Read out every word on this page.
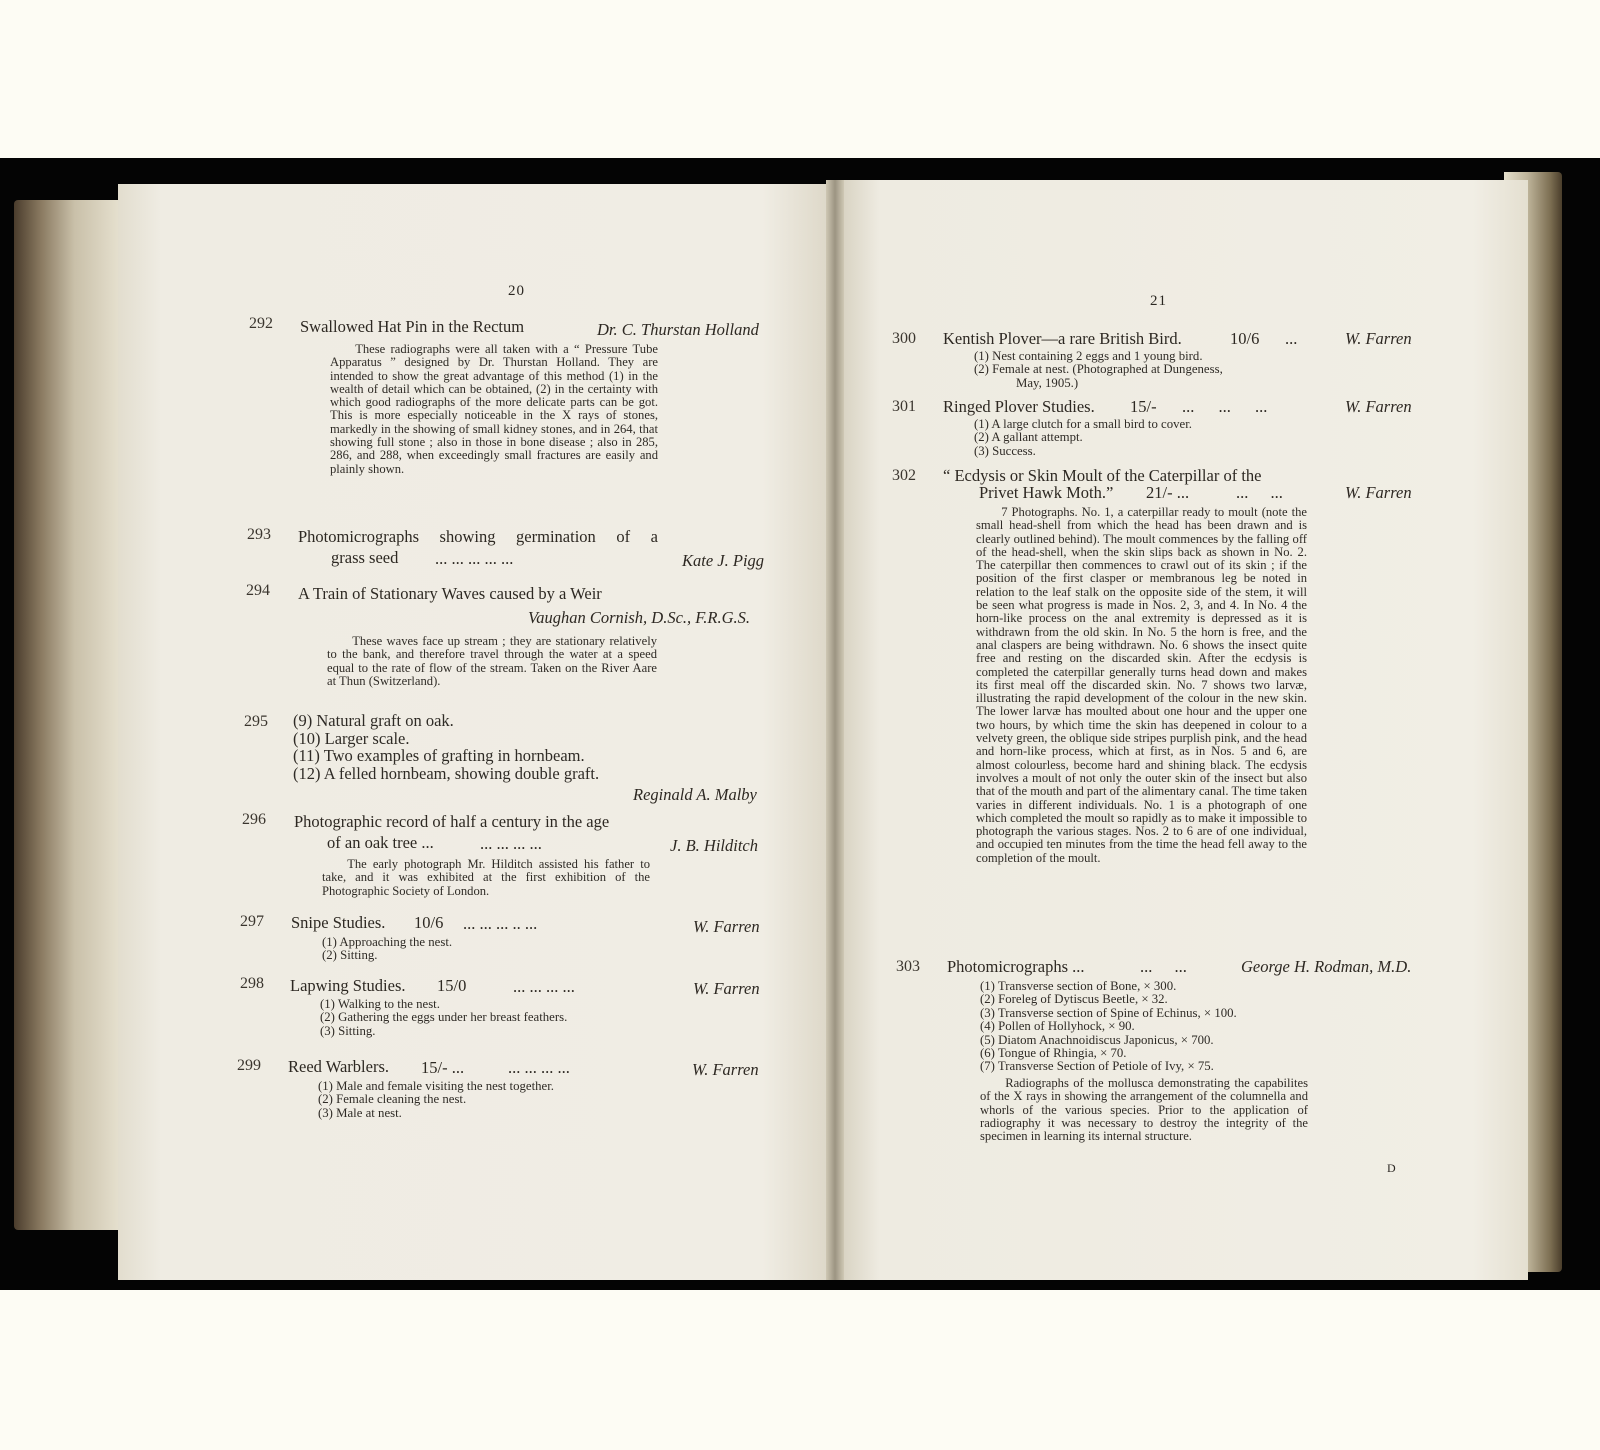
20
292 Swallowed Hat Pin in the Rectum	Dr. C. Thurstan Holland

These radiographs were all taken with a “ Pressure Tube Apparatus ” designed by Dr. Thurstan Holland. They are intended to show the great advantage of this method (1) in the wealth of detail which can be obtained, (2) in the certainty with which good radiographs of the more delicate parts can be got. This is more especially noticeable in the X rays of stones, markedly in the showing of small kidney stones, and in 264, that showing full stone ; also in those in bone disease ; also in 285, 286, and 288, when exceedingly small fractures are easily and plainly shown.

293 Photomicrographs showing germination of a
grass seed ... ... ... ... ...	Kate J. Pigg
294 A Train of Stationary Waves caused by a Weir
Vaughan Cornish, D.Sc., F.R.G.S.

These waves face up stream ; they are stationary relatively to the bank, and therefore travel through the water at a speed equal to the rate of flow of the stream. Taken on the River Aare at Thun (Switzerland).

295 (9) Natural graft on oak.
(10) Larger scale.
(11) Two examples of grafting in hornbeam.
(12) A felled hornbeam, showing double graft.
Reginald A. Malby
296 Photographic record of half a century in the age
of an oak tree ...	... ... ... ...	J. B. Hilditch

The early photograph Mr. Hilditch assisted his father to take, and it was exhibited at the first exhibition of the Photographic Society of London.

297 Snipe Studies. 10/6 ... ... ... .. ...	W. Farren
(1) Approaching the nest.
(2) Sitting.
298 Lapwing Studies. 15/0	... ... ... ...	W. Farren
(1) Walking to the nest.
(2) Gathering the eggs under her breast feathers.
(3) Sitting.
299 Reed Warblers. 15/- ...	... ... ... ...	W. Farren
(1) Male and female visiting the nest together.
(2) Female cleaning the nest.
(3) Male at nest.
21
300 Kentish Plover—a rare British Bird.	10/6 ...	W. Farren
(1) Nest containing 2 eggs and 1 young bird.
(2) Female at nest. (Photographed at Dungeness,
May, 1905.)
301 Ringed Plover Studies. 15/- ... ... ...	W. Farren
(1) A large clutch for a small bird to cover.
(2) A gallant attempt.
(3) Success.
302 “ Ecdysis or Skin Moult of the Caterpillar of the
Privet Hawk Moth.” 21/- ...	... ...	W. Farren

7 Photographs. No. 1, a caterpillar ready to moult (note the small head-shell from which the head has been drawn and is clearly outlined behind). The moult commences by the falling off of the head-shell, when the skin slips back as shown in No. 2. The caterpillar then commences to crawl out of its skin ; if the position of the first clasper or membranous leg be noted in relation to the leaf stalk on the opposite side of the stem, it will be seen what progress is made in Nos. 2, 3, and 4. In No. 4 the horn-like process on the anal extremity is depressed as it is withdrawn from the old skin. In No. 5 the horn is free, and the anal claspers are being withdrawn. No. 6 shows the insect quite free and resting on the discarded skin. After the ecdysis is completed the caterpillar generally turns head down and makes its first meal off the discarded skin. No. 7 shows two larvæ, illustrating the rapid development of the colour in the new skin. The lower larvæ has moulted about one hour and the upper one two hours, by which time the skin has deepened in colour to a velvety green, the oblique side stripes purplish pink, and the head and horn-like process, which at first, as in Nos. 5 and 6, are almost colourless, become hard and shining black. The ecdysis involves a moult of not only the outer skin of the insect but also that of the mouth and part of the alimentary canal. The time taken varies in different individuals. No. 1 is a photograph of one which completed the moult so rapidly as to make it impossible to photograph the various stages. Nos. 2 to 6 are of one individual, and occupied ten minutes from the time the head fell away to the completion of the moult.

303 Photomicrographs ...	... ...	George H. Rodman, M.D.
(1) Transverse section of Bone, × 300.
(2) Foreleg of Dytiscus Beetle, × 32.
(3) Transverse section of Spine of Echinus, × 100.
(4) Pollen of Hollyhock, × 90.
(5) Diatom Anachnoidiscus Japonicus, × 700.
(6) Tongue of Rhingia, × 70.
(7) Transverse Section of Petiole of Ivy, × 75.

Radiographs of the mollusca demonstrating the capabilites of the X rays in showing the arrangement of the columnella and whorls of the various species. Prior to the application of radiography it was necessary to destroy the integrity of the specimen in learning its internal structure.

D
